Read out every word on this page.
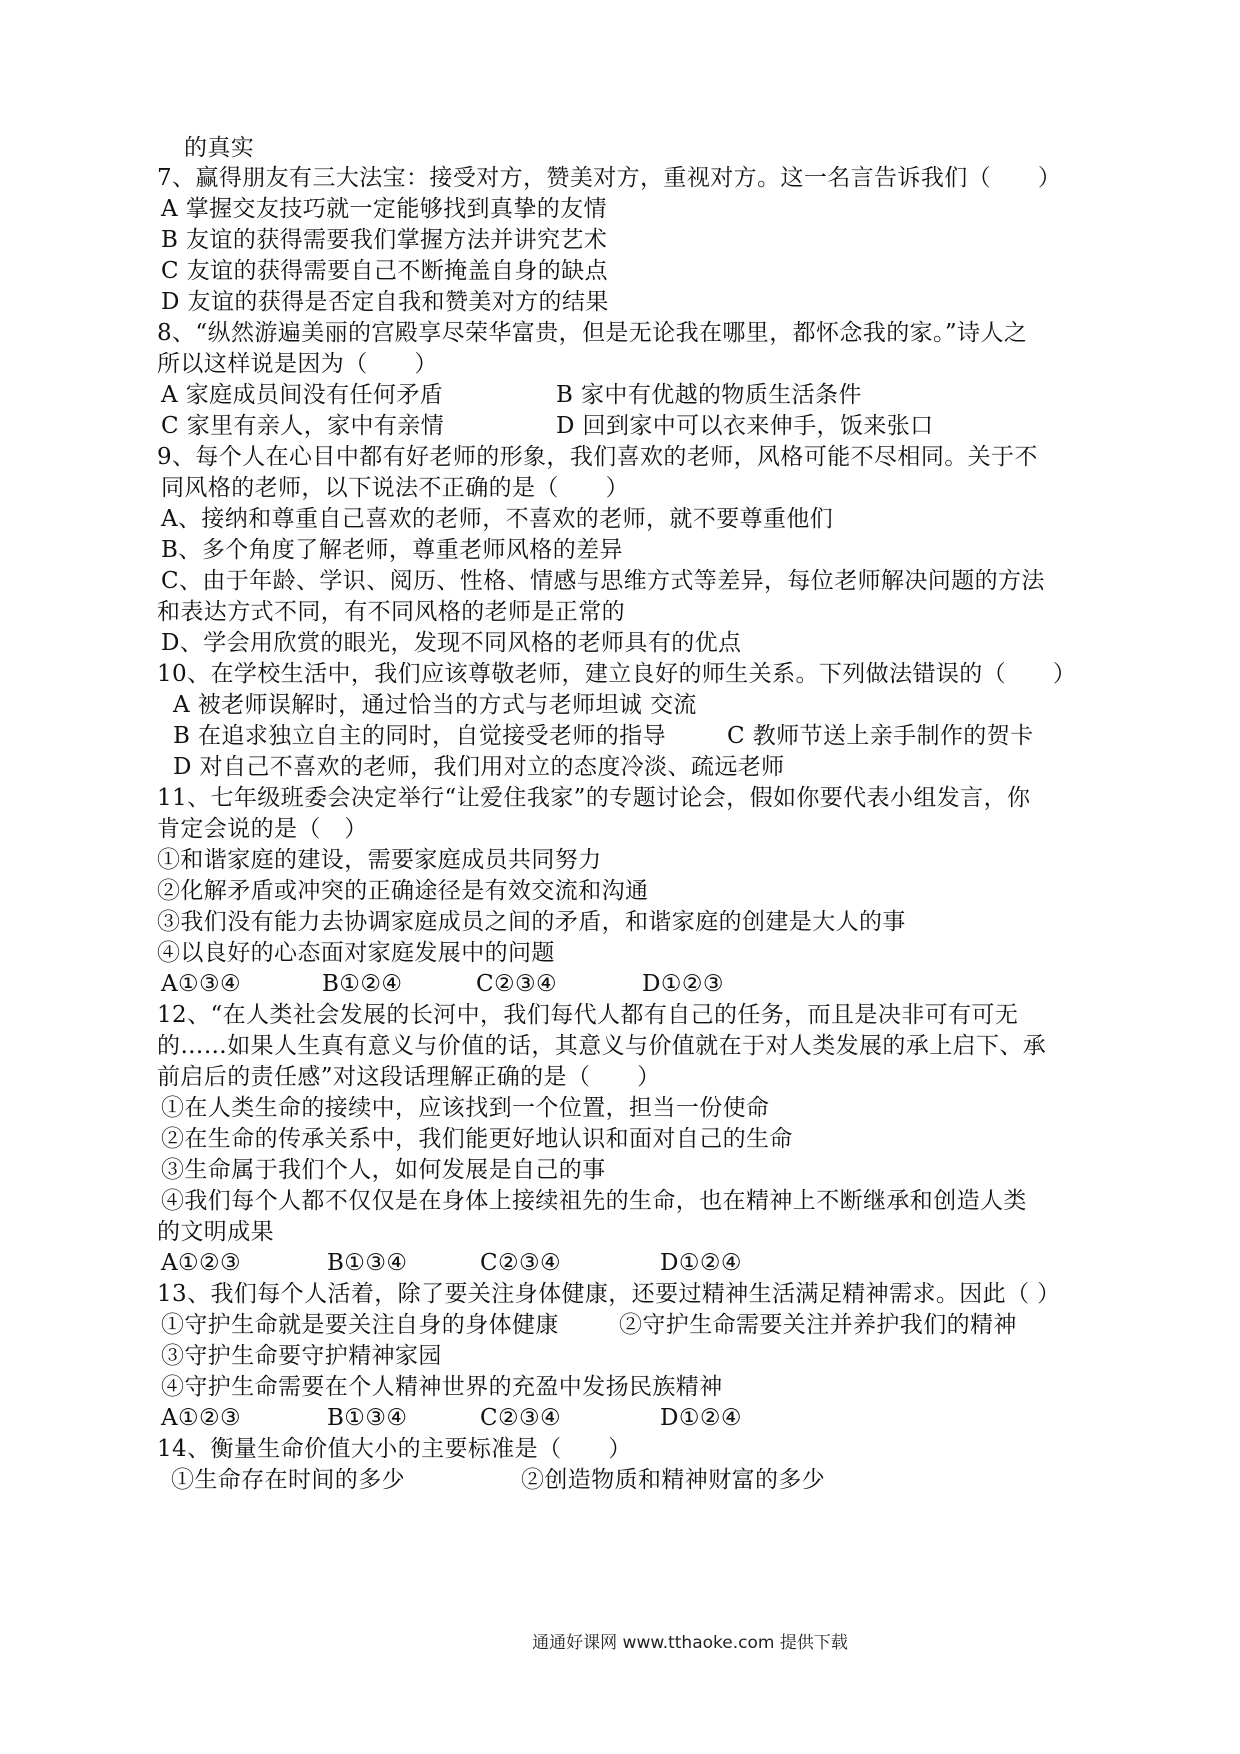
的真实
7、赢得朋友有三大法宝：接受对方，赞美对方，重视对方。这一名言告诉我们（　　）
A 掌握交友技巧就一定能够找到真挚的友情
B 友谊的获得需要我们掌握方法并讲究艺术
C 友谊的获得需要自己不断掩盖自身的缺点
D 友谊的获得是否定自我和赞美对方的结果
8、“纵然游遍美丽的宫殿享尽荣华富贵，但是无论我在哪里，都怀念我的家。”诗人之
所以这样说是因为（　　）
A 家庭成员间没有任何矛盾	B 家中有优越的物质生活条件
C 家里有亲人，家中有亲情	D 回到家中可以衣来伸手，饭来张口
9、每个人在心目中都有好老师的形象，我们喜欢的老师，风格可能不尽相同。关于不
同风格的老师，以下说法不正确的是（　　）
A、接纳和尊重自己喜欢的老师，不喜欢的老师，就不要尊重他们
B、多个角度了解老师，尊重老师风格的差异
C、由于年龄、学识、阅历、性格、情感与思维方式等差异，每位老师解决问题的方法
和表达方式不同，有不同风格的老师是正常的
D、学会用欣赏的眼光，发现不同风格的老师具有的优点
10、在学校生活中，我们应该尊敬老师，建立良好的师生关系。下列做法错误的（　　）
A 被老师误解时，通过恰当的方式与老师坦诚 交流
B 在追求独立自主的同时，自觉接受老师的指导	C 教师节送上亲手制作的贺卡
D 对自己不喜欢的老师，我们用对立的态度冷淡、疏远老师
11、七年级班委会决定举行“让爱住我家”的专题讨论会，假如你要代表小组发言，你
肯定会说的是（　）
①和谐家庭的建设，需要家庭成员共同努力
②化解矛盾或冲突的正确途径是有效交流和沟通
③我们没有能力去协调家庭成员之间的矛盾，和谐家庭的创建是大人的事
④以良好的心态面对家庭发展中的问题
A①③④	B①②④	C②③④	D①②③
12、“在人类社会发展的长河中，我们每代人都有自己的任务，而且是决非可有可无
的……如果人生真有意义与价值的话，其意义与价值就在于对人类发展的承上启下、承
前启后的责任感”对这段话理解正确的是（　　）
①在人类生命的接续中，应该找到一个位置，担当一份使命
②在生命的传承关系中，我们能更好地认识和面对自己的生命
③生命属于我们个人，如何发展是自己的事
④我们每个人都不仅仅是在身体上接续祖先的生命，也在精神上不断继承和创造人类
的文明成果
A①②③	B①③④	C②③④	D①②④
13、我们每个人活着，除了要关注身体健康，还要过精神生活满足精神需求。因此（ ）
①守护生命就是要关注自身的身体健康	②守护生命需要关注并养护我们的精神
③守护生命要守护精神家园
④守护生命需要在个人精神世界的充盈中发扬民族精神
A①②③	B①③④	C②③④	D①②④
14、衡量生命价值大小的主要标准是（　　）
①生命存在时间的多少	②创造物质和精神财富的多少
通通好课网 www.tthaoke.com 提供下载
